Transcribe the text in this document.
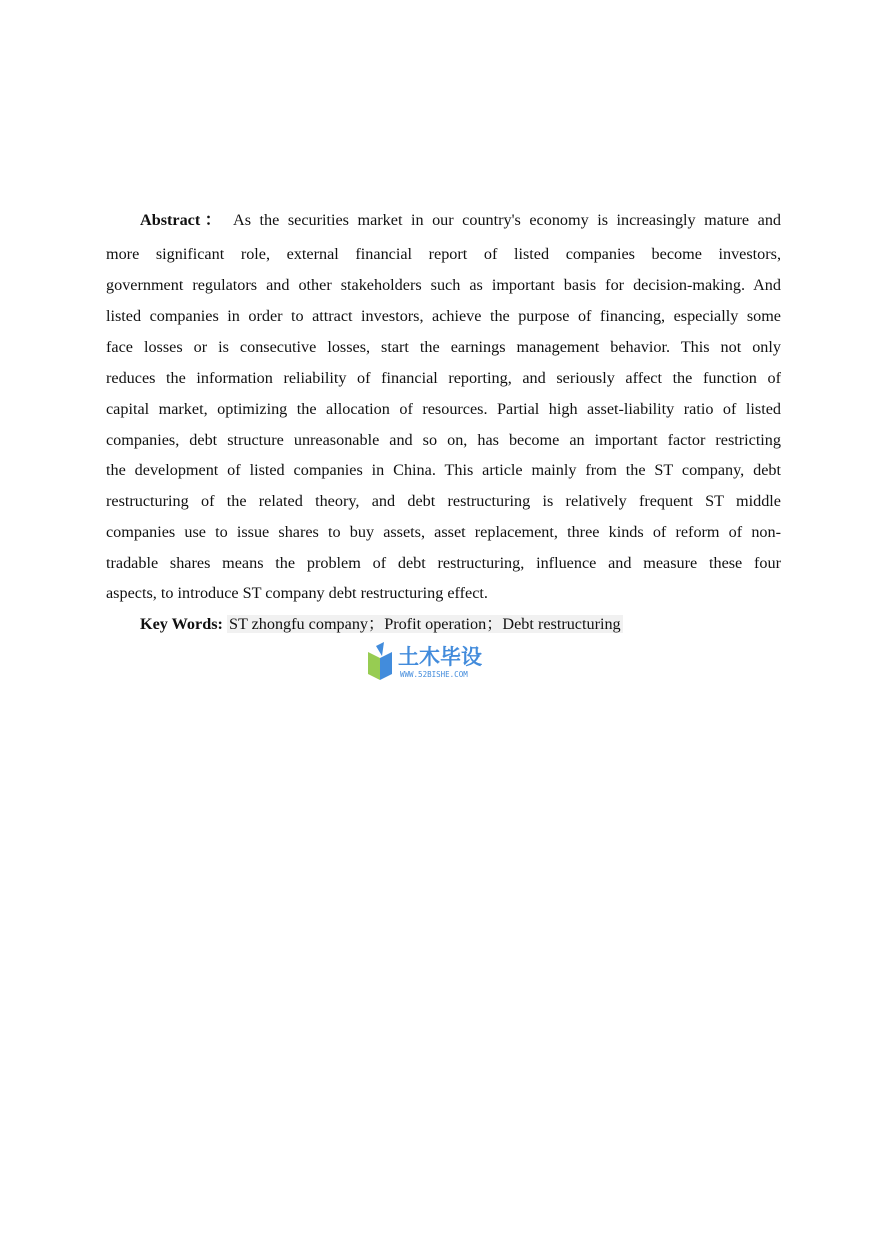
Abstract： As the securities market in our country's economy is increasingly mature and
more significant role, external financial report of listed companies become investors,
government regulators and other stakeholders such as important basis for decision-making. And
listed companies in order to attract investors, achieve the purpose of financing, especially some
face losses or is consecutive losses, start the earnings management behavior. This not only
reduces the information reliability of financial reporting, and seriously affect the function of
capital market, optimizing the allocation of resources. Partial high asset-liability ratio of listed
companies, debt structure unreasonable and so on, has become an important factor restricting
the development of listed companies in China. This article mainly from the ST company, debt
restructuring of the related theory, and debt restructuring is relatively frequent ST middle
companies use to issue shares to buy assets, asset replacement, three kinds of reform of non-
tradable shares means the problem of debt restructuring, influence and measure these four
aspects, to introduce ST company debt restructuring effect.
Key Words: ST zhongfu company；Profit operation；Debt restructuring
土木毕设
WWW.52BISHE.COM
